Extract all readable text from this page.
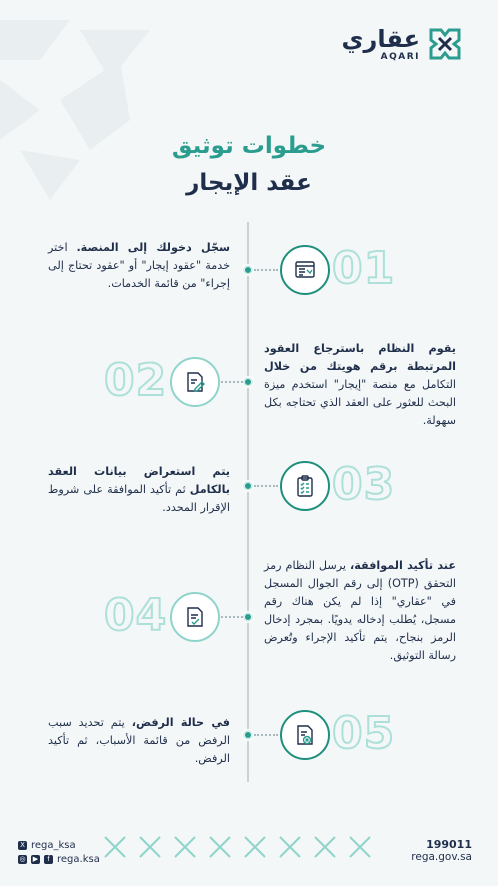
عقاري
AQARI
خطوات توثيق
عقد الإيجار
01
سجّل دخولك إلى المنصة. اختر خدمة "عقود إيجار" أو "عقود تحتاج إلى إجراء" من قائمة الخدمات.
02
يقوم النظام باسترجاع العقود المرتبطة برقم هويتك من خلال التكامل مع منصة "إيجار" استخدم ميزة البحث للعثور على العقد الذي تحتاجه بكل سهولة.
03
يتم استعراض بيانات العقد بالكامل ثم تأكيد الموافقة على شروط الإقرار المحدد.
04
عند تأكيد الموافقة، يرسل النظام رمز التحقق (OTP) إلى رقم الجوال المسجل في "عقاري" إذا لم يكن هناك رقم مسجل، يُطلب إدخاله يدويًا. بمجرد إدخال الرمز بنجاح، يتم تأكيد الإجراء وتُعرض رسالة التوثيق.
05
في حالة الرفض، يتم تحديد سبب الرفض من قائمة الأسباب، ثم تأكيد الرفض.
X rega_ksa
◎ ▶	f rega.ksa
199011
rega.gov.sa
